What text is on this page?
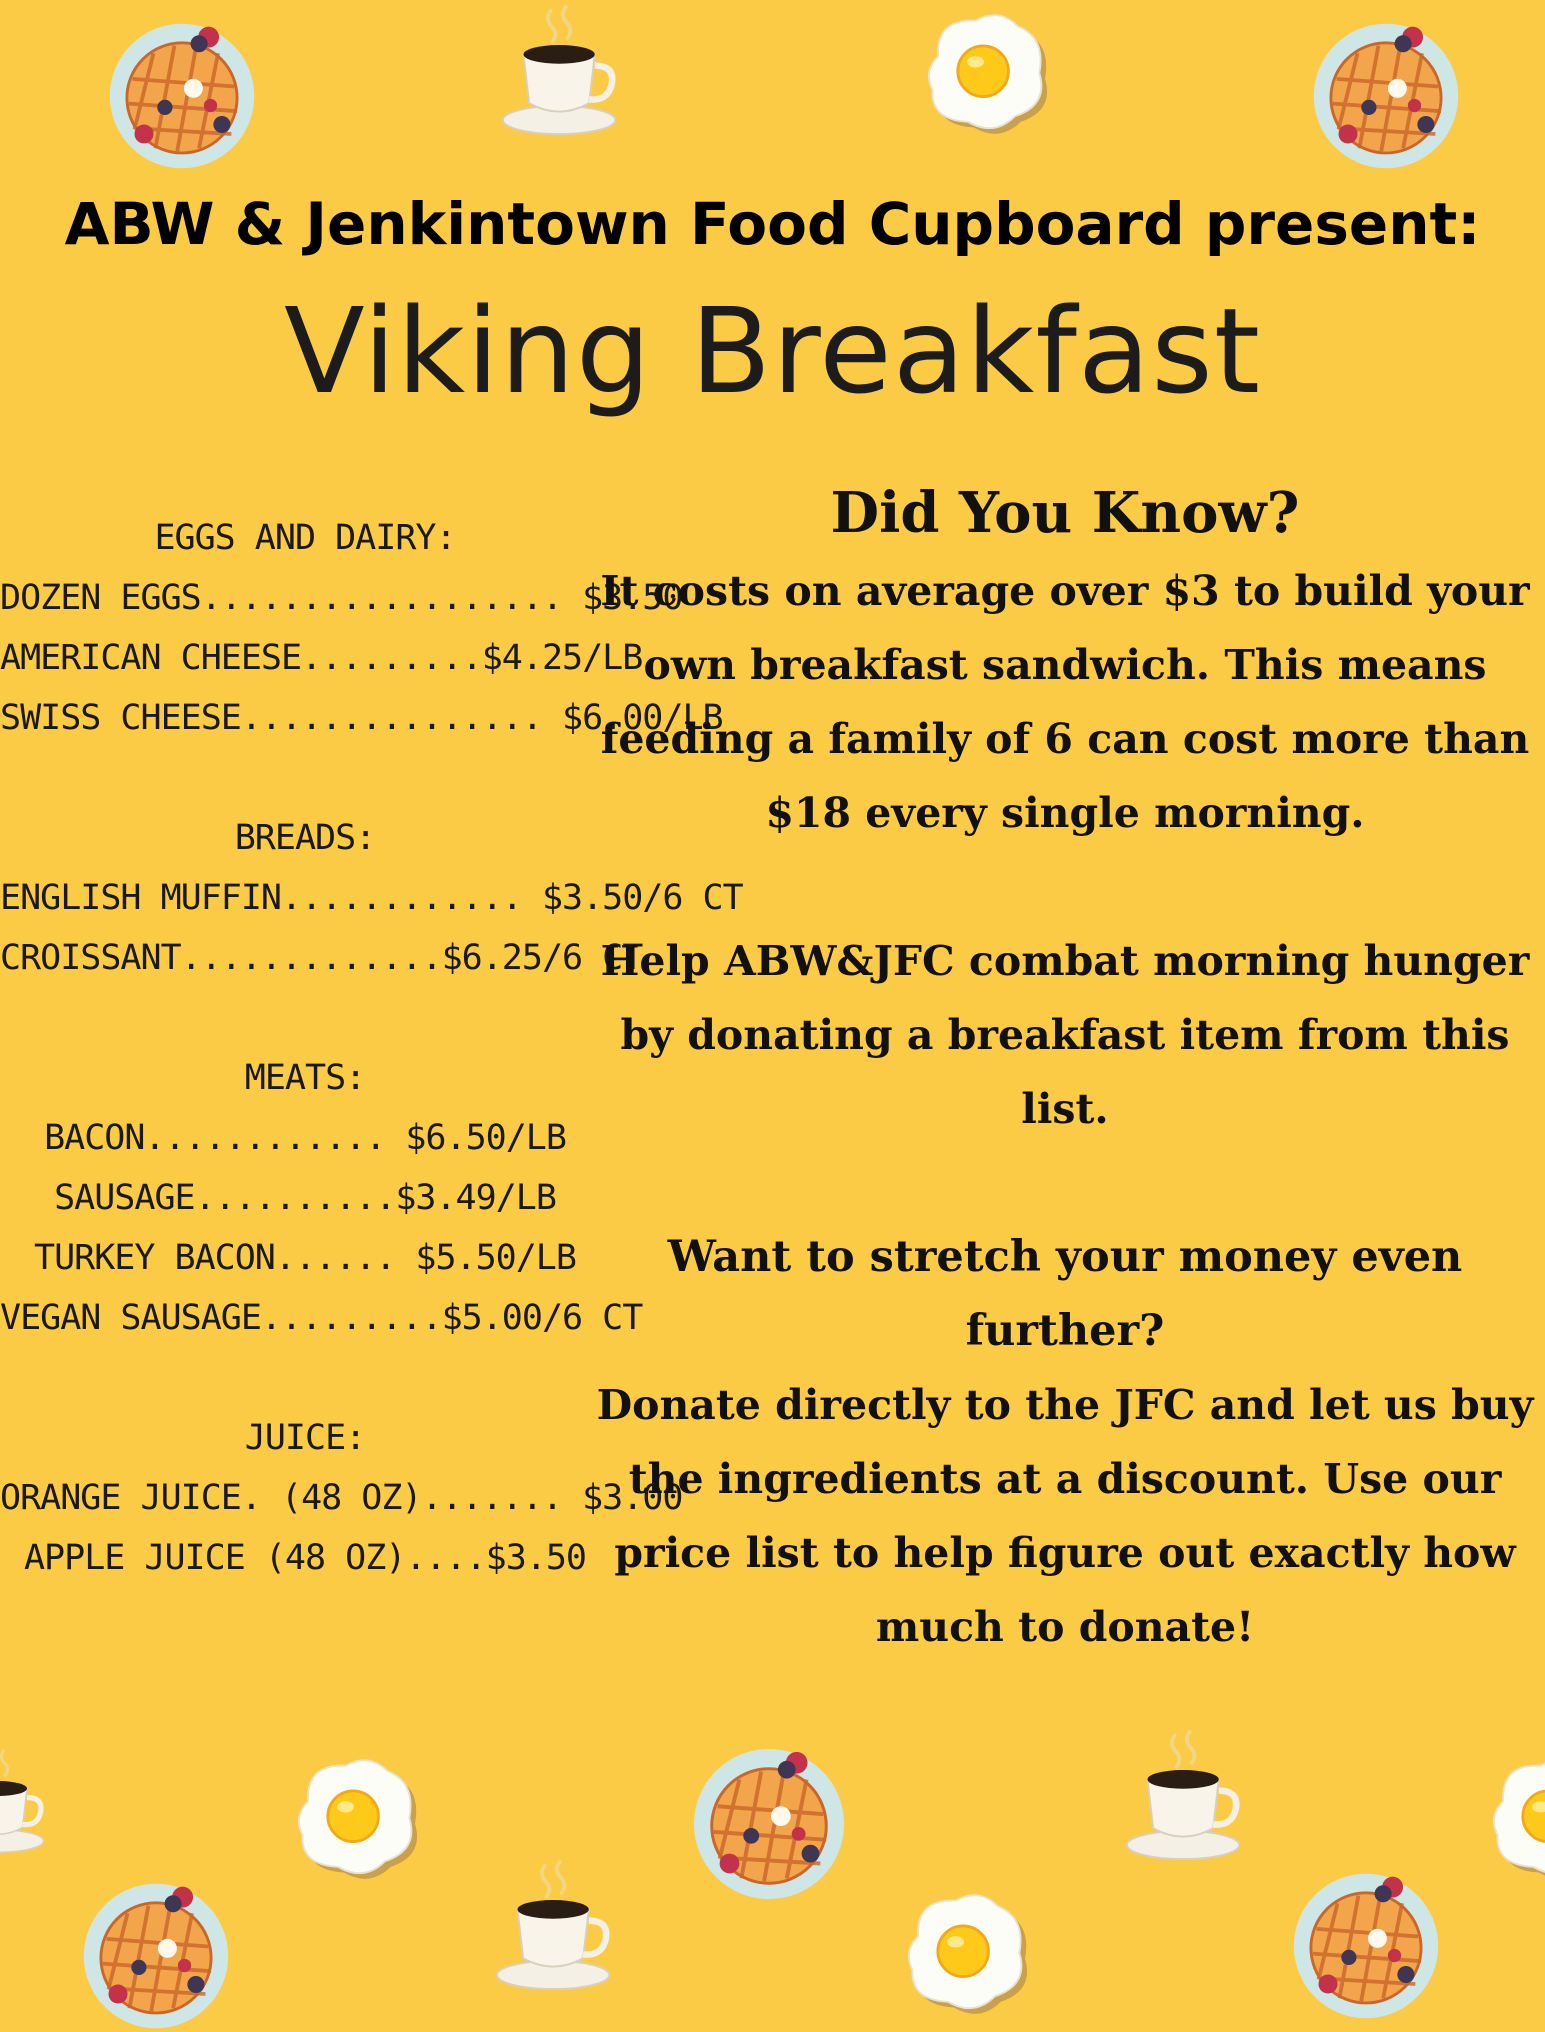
ABW & Jenkintown Food Cupboard present:
Viking Breakfast
EGGS AND DAIRY:
DOZEN EGGS.................. $3.50
AMERICAN CHEESE.........$4.25/LB
SWISS CHEESE............... $6.00/LB
BREADS:
ENGLISH MUFFIN............ $3.50/6 CT
CROISSANT.............$6.25/6 CT
MEATS:
BACON............ $6.50/LB
SAUSAGE..........$3.49/LB
TURKEY BACON...... $5.50/LB
VEGAN SAUSAGE.........$5.00/6 CT
JUICE:
ORANGE JUICE. (48 OZ)....... $3.00
APPLE JUICE (48 OZ)....$3.50
Did You Know?
It costs on average over $3 to build your own breakfast sandwich. This means feeding a family of 6 can cost more than $18 every single morning.
Help ABW&JFC combat morning hunger by donating a breakfast item from this list.
Want to stretch your money even further?
Donate directly to the JFC and let us buy the ingredients at a discount. Use our price list to help figure out exactly how much to donate!
